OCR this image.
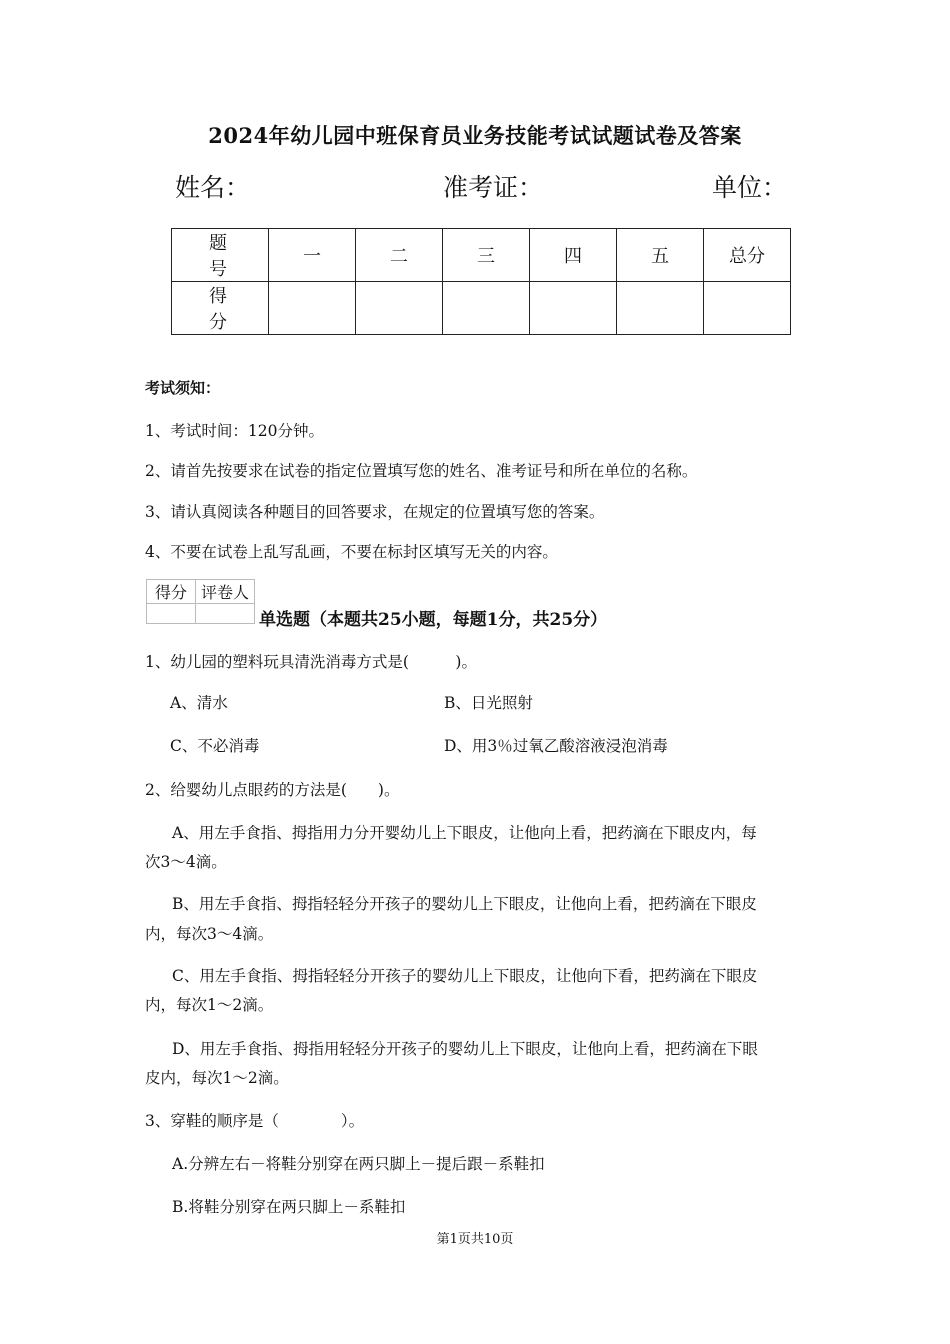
2024年幼儿园中班保育员业务技能考试试题试卷及答案
姓名：	准考证：	单位：
题　号	一	二	三	四	五	总分
得　分						
考试须知：
1、考试时间：120分钟。
2、请首先按要求在试卷的指定位置填写您的姓名、准考证号和所在单位的名称。
3、请认真阅读各种题目的回答要求，在规定的位置填写您的答案。
4、不要在试卷上乱写乱画，不要在标封区填写无关的内容。
得分	评卷人

单选题（本题共25小题，每题1分，共25分）
1、幼儿园的塑料玩具清洗消毒方式是(　　　)。
A、清水	B、日光照射
C、不必消毒	D、用3％过氧乙酸溶液浸泡消毒
2、给婴幼儿点眼药的方法是(　　)。
A、用左手食指、拇指用力分开婴幼儿上下眼皮，让他向上看，把药滴在下眼皮内，每
次3～4滴。
B、用左手食指、拇指轻轻分开孩子的婴幼儿上下眼皮，让他向上看，把药滴在下眼皮
内，每次3～4滴。
C、用左手食指、拇指轻轻分开孩子的婴幼儿上下眼皮，让他向下看，把药滴在下眼皮
内，每次1～2滴。
D、用左手食指、拇指用轻轻分开孩子的婴幼儿上下眼皮，让他向上看，把药滴在下眼
皮内，每次1～2滴。
3、穿鞋的顺序是（　　　　）。
A.分辨左右－将鞋分别穿在两只脚上－提后跟－系鞋扣
B.将鞋分别穿在两只脚上－系鞋扣
第1页共10页
